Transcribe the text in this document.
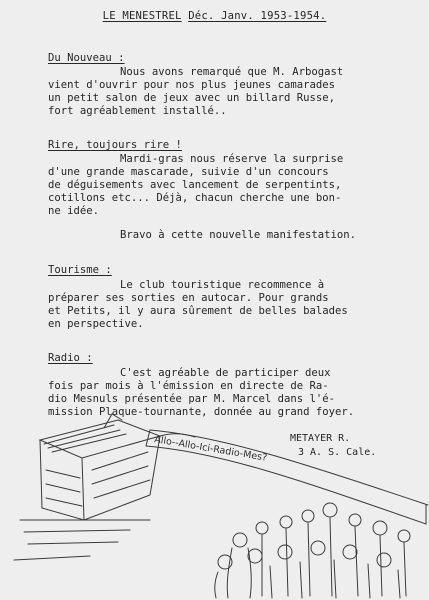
LE MENESTREL Déc. Janv. 1953-1954.
Du Nouveau :
Nous avons remarqué que M. Arbogast
vient d'ouvrir pour nos plus jeunes camarades
un petit salon de jeux avec un billard Russe,
fort agréablement installé..
Rire, toujours rire !
Mardi-gras nous réserve la surprise
d'une grande mascarade, suivie d'un concours
de déguisements avec lancement de serpentints,
cotillons etc... Déjà, chacun cherche une bon-
ne idée.
Bravo à cette nouvelle manifestation.
Tourisme :
Le club touristique recommence à
préparer ses sorties en autocar. Pour grands
et Petits, il y aura sûrement de belles balades
en perspective.
Radio :
C'est agréable de participer deux
fois par mois à l'émission en directe de Ra-
dio Mesnuls présentée par M. Marcel dans l'é-
mission Plaque-tournante, donnée au grand foyer.
METAYER R.
3 A. S. Cale.
Allo--Allo-Ici-Radio-Mes?
